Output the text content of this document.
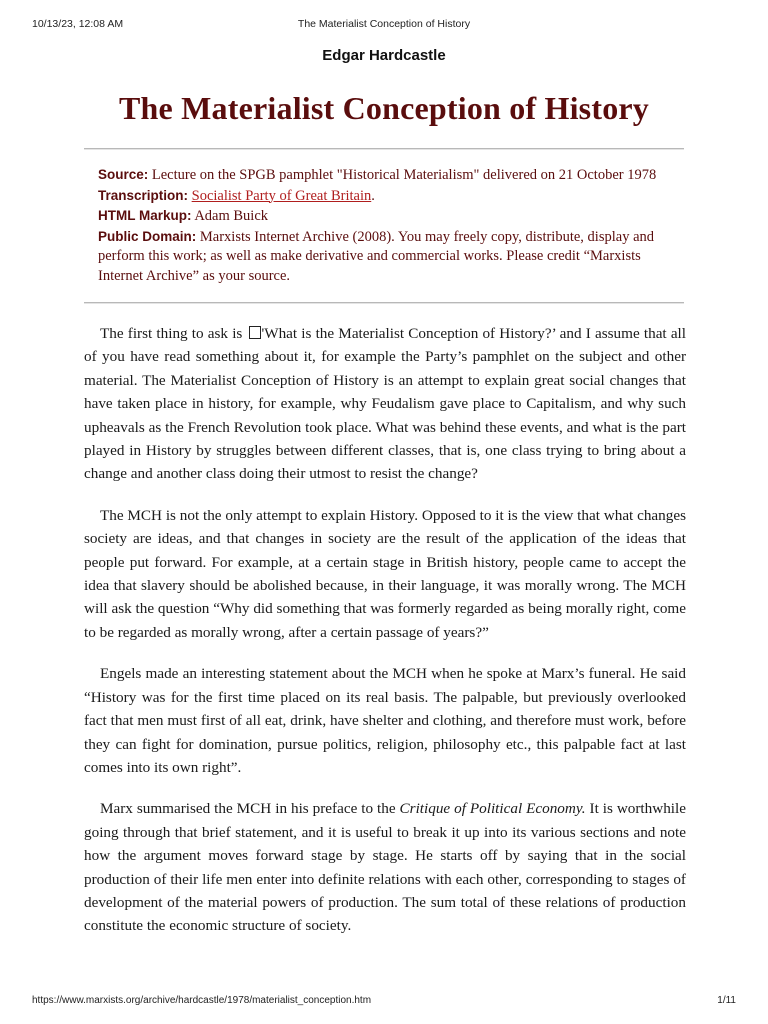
10/13/23, 12:08 AM	The Materialist Conception of History
Edgar Hardcastle
The Materialist Conception of History

Source: Lecture on the SPGB pamphlet "Historical Materialism" delivered on 21 October 1978

Transcription: Socialist Party of Great Britain.

HTML Markup: Adam Buick

Public Domain: Marxists Internet Archive (2008). You may freely copy, distribute, display and perform this work; as well as make derivative and commercial works. Please credit “Marxists Internet Archive” as your source.

The first thing to ask is 'What is the Materialist Conception of History?’ and I assume that all of you have read something about it, for example the Party’s pamphlet on the subject and other material. The Materialist Conception of History is an attempt to explain great social changes that have taken place in history, for example, why Feudalism gave place to Capitalism, and why such upheavals as the French Revolution took place. What was behind these events, and what is the part played in History by struggles between different classes, that is, one class trying to bring about a change and another class doing their utmost to resist the change?

The MCH is not the only attempt to explain History. Opposed to it is the view that what changes society are ideas, and that changes in society are the result of the application of the ideas that people put forward. For example, at a certain stage in British history, people came to accept the idea that slavery should be abolished because, in their language, it was morally wrong. The MCH will ask the question “Why did something that was formerly regarded as being morally right, come to be regarded as morally wrong, after a certain passage of years?”

Engels made an interesting statement about the MCH when he spoke at Marx’s funeral. He said “History was for the first time placed on its real basis. The palpable, but previously overlooked fact that men must first of all eat, drink, have shelter and clothing, and therefore must work, before they can fight for domination, pursue politics, religion, philosophy etc., this palpable fact at last comes into its own right”.

Marx summarised the MCH in his preface to the Critique of Political Economy. It is worthwhile going through that brief statement, and it is useful to break it up into its various sections and note how the argument moves forward stage by stage. He starts off by saying that in the social production of their life men enter into definite relations with each other, corresponding to stages of development of the material powers of production. The sum total of these relations of production constitute the economic structure of society.

https://www.marxists.org/archive/hardcastle/1978/materialist_conception.htm	1/11
